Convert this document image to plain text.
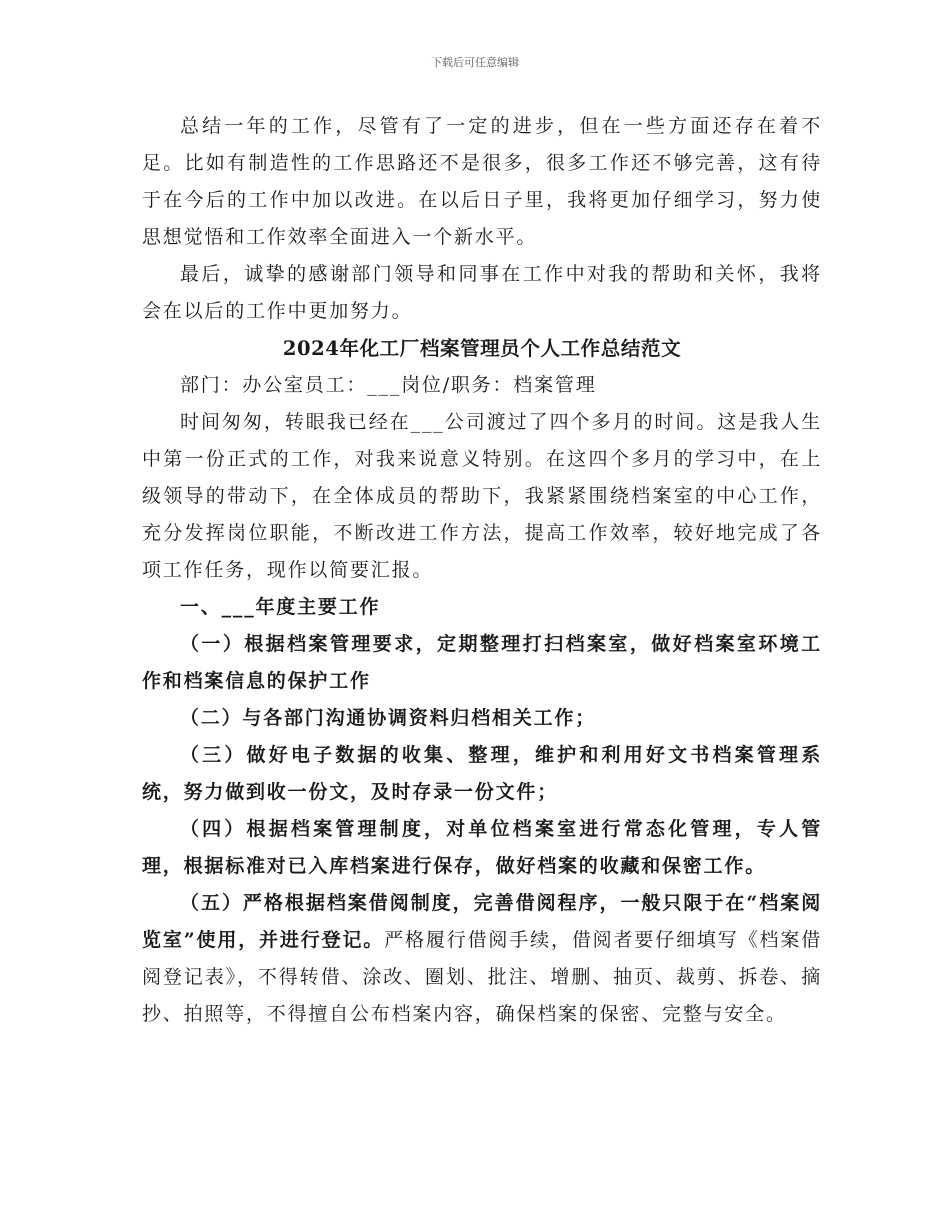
下载后可任意编辑

总结一年的工作，尽管有了一定的进步，但在一些方面还存在着不足。比如有制造性的工作思路还不是很多，很多工作还不够完善，这有待于在今后的工作中加以改进。在以后日子里，我将更加仔细学习，努力使思想觉悟和工作效率全面进入一个新水平。

最后，诚挚的感谢部门领导和同事在工作中对我的帮助和关怀，我将会在以后的工作中更加努力。

2024年化工厂档案管理员个人工作总结范文

部门：办公室员工：___岗位/职务：档案管理

时间匆匆，转眼我已经在___公司渡过了四个多月的时间。这是我人生中第一份正式的工作，对我来说意义特别。在这四个多月的学习中，在上级领导的带动下，在全体成员的帮助下，我紧紧围绕档案室的中心工作，充分发挥岗位职能，不断改进工作方法，提高工作效率，较好地完成了各项工作任务，现作以简要汇报。

一、___年度主要工作

（一）根据档案管理要求，定期整理打扫档案室，做好档案室环境工作和档案信息的保护工作

（二）与各部门沟通协调资料归档相关工作；

（三）做好电子数据的收集、整理，维护和利用好文书档案管理系统，努力做到收一份文，及时存录一份文件；

（四）根据档案管理制度，对单位档案室进行常态化管理，专人管理，根据标准对已入库档案进行保存，做好档案的收藏和保密工作。

（五）严格根据档案借阅制度，完善借阅程序，一般只限于在“档案阅览室”使用，并进行登记。严格履行借阅手续，借阅者要仔细填写《档案借阅登记表》，不得转借、涂改、圈划、批注、增删、抽页、裁剪、拆卷、摘抄、拍照等，不得擅自公布档案内容，确保档案的保密、完整与安全。
